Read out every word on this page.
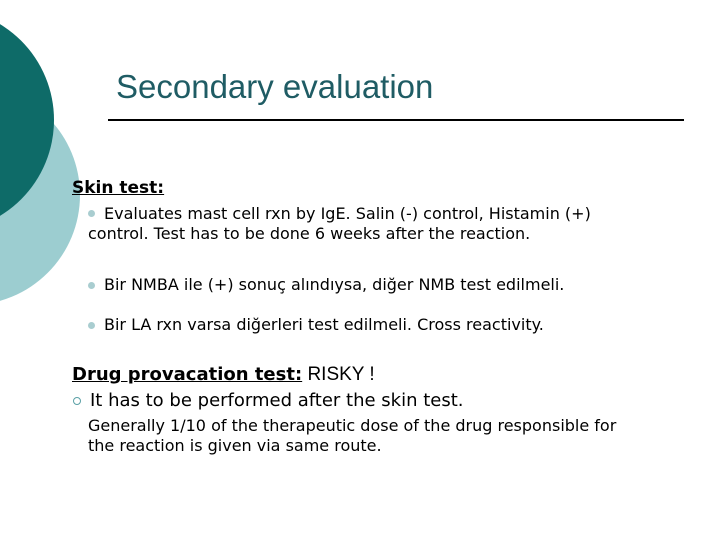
Secondary evaluation
Skin test:
Evaluates mast cell rxn by IgE. Salin (-) control, Histamin (+)
control. Test has to be done 6 weeks after the reaction.
Bir NMBA ile (+) sonuç alındıysa, diğer NMB test edilmeli.
Bir LA rxn varsa diğerleri test edilmeli. Cross reactivity.
Drug provacation test: RISKY !
It has to be performed after the skin test.
Generally 1/10 of the therapeutic dose of the drug responsible for
the reaction is given via same route.
